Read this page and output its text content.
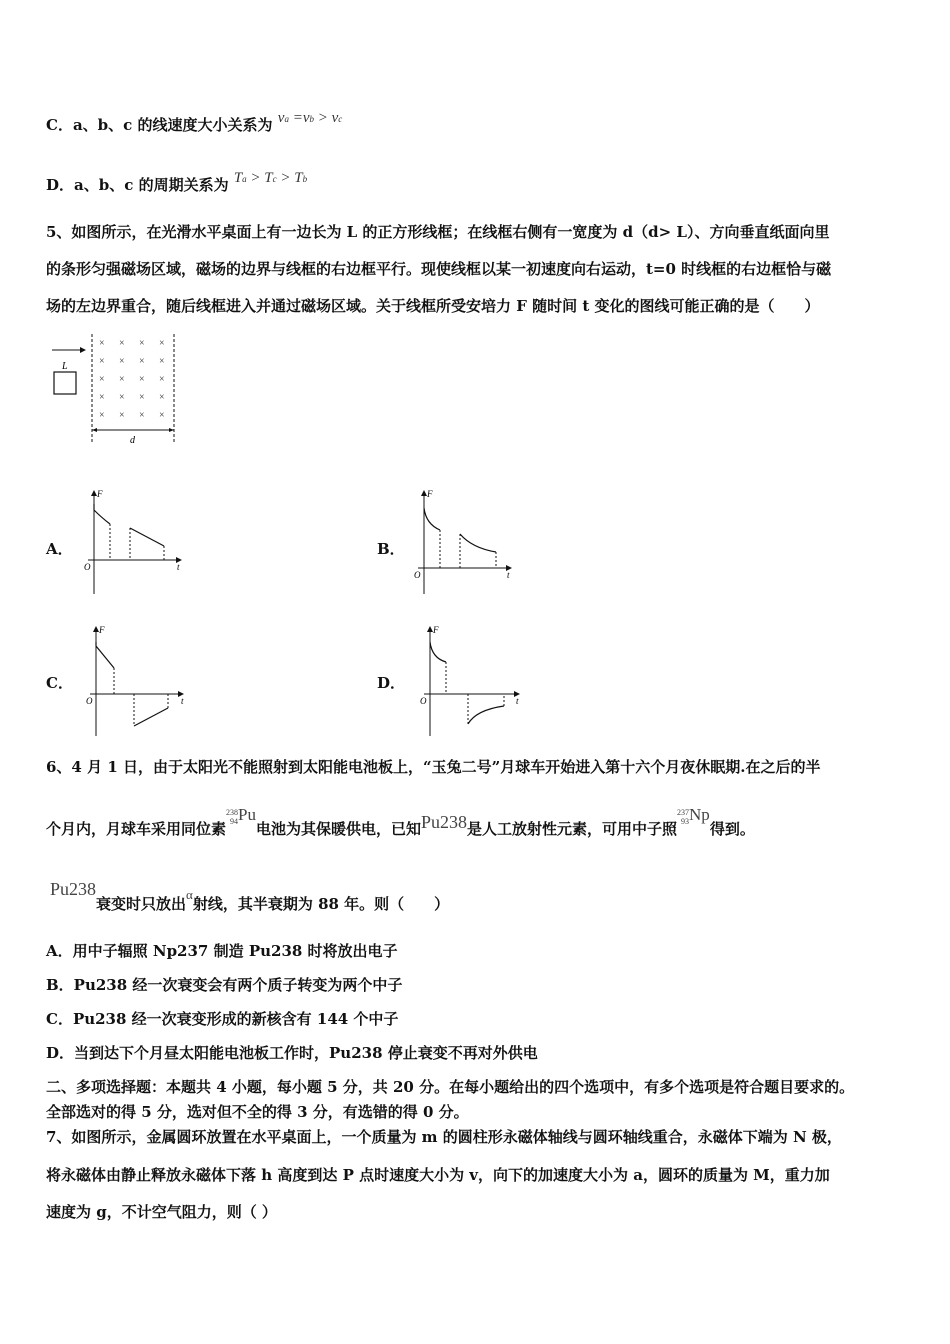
C．a、b、c 的线速度大小关系为 va =vb > vc
D．a、b、c 的周期关系为 Ta > Tc > Tb
5、如图所示，在光滑水平桌面上有一边长为 L 的正方形线框；在线框右侧有一宽度为 d（d> L）、方向垂直纸面向里
的条形匀强磁场区域，磁场的边界与线框的右边框平行。现使线框以某一初速度向右运动，t=0 时线框的右边框恰与磁
场的左边界重合，随后线框进入并通过磁场区域。关于线框所受安培力 F 随时间 t 变化的图线可能正确的是（　　）
L
× × × ×
× × × ×
× × × ×
× × × ×
× × × ×
d
A．	B．
C．	D．
F
t
O
F
t
O
F
t
O
F
t
O
6、4 月 1 日，由于太阳光不能照射到太阳能电池板上，“玉兔二号”月球车开始进入第十六个月夜休眠期.在之后的半
个月内，月球车采用同位素238
94Pu电池为其保暖供电，已知Pu238是人工放射性元素，可用中子照237
93Np得到。
Pu238衰变时只放出α射线，其半衰期为 88 年。则（　　）
A．用中子辐照 Np237 制造 Pu238 时将放出电子
B．Pu238 经一次衰变会有两个质子转变为两个中子
C．Pu238 经一次衰变形成的新核含有 144 个中子
D．当到达下个月昼太阳能电池板工作时，Pu238 停止衰变不再对外供电
二、多项选择题：本题共 4 小题，每小题 5 分，共 20 分。在每小题给出的四个选项中，有多个选项是符合题目要求的。
全部选对的得 5 分，选对但不全的得 3 分，有选错的得 0 分。
7、如图所示，金属圆环放置在水平桌面上，一个质量为 m 的圆柱形永磁体轴线与圆环轴线重合，永磁体下端为 N 极，
将永磁体由静止释放永磁体下落 h 高度到达 P 点时速度大小为 v，向下的加速度大小为 a，圆环的质量为 M，重力加
速度为 g，不计空气阻力，则（ ）
